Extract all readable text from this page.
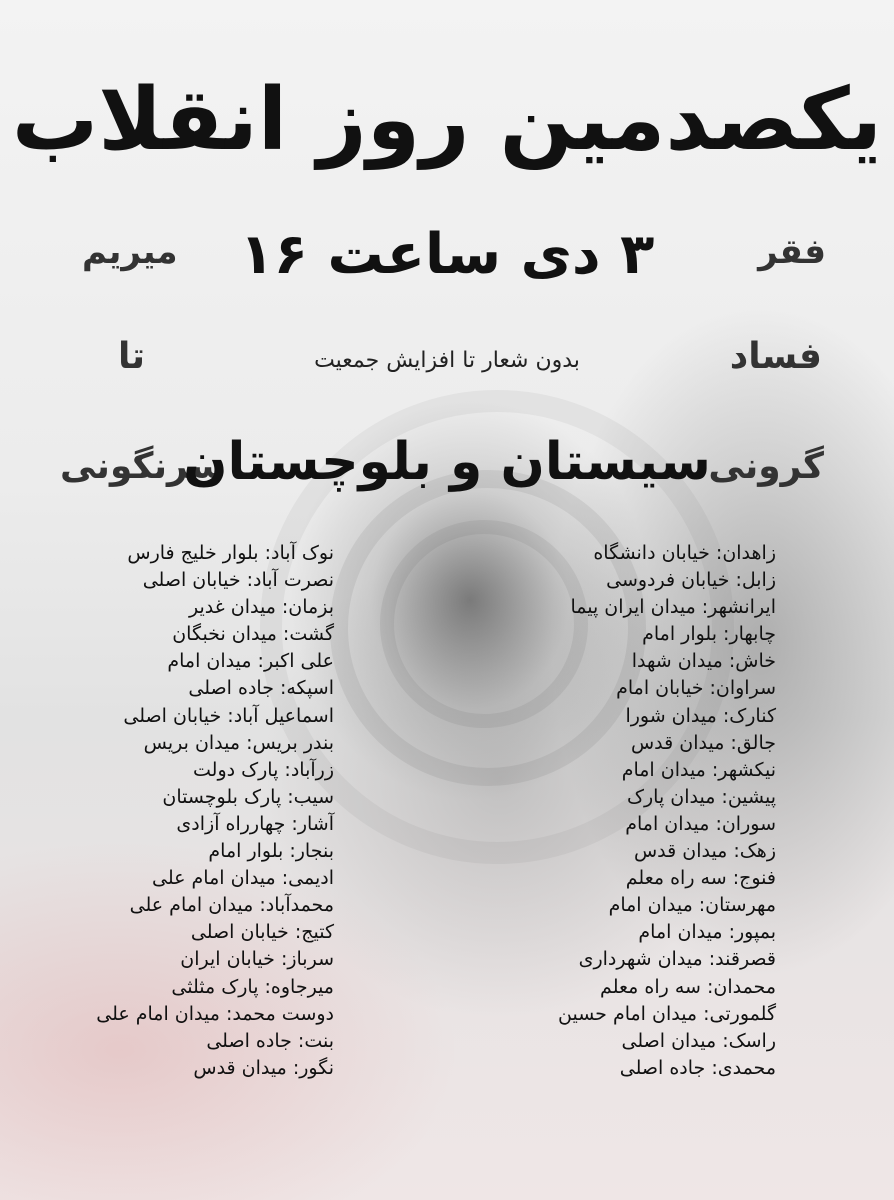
یکصدمین روز انقلاب
فقر
فساد
گرونی
میریم
تا
سرنگونی
۳ دی ساعت ۱۶
بدون شعار تا افزایش جمعیت
سیستان و بلوچستان
زاهدان: خیابان دانشگاه
زابل: خیابان فردوسی
ایرانشهر: میدان ایران پیما
چابهار: بلوار امام
خاش: میدان شهدا
سراوان: خیابان امام
کنارک: میدان شورا
جالق: میدان قدس
نیکشهر: میدان امام
پیشین: میدان پارک
سوران: میدان امام
زهک: میدان قدس
فنوج: سه راه معلم
مهرستان: میدان امام
بمپور: میدان امام
قصرقند: میدان شهرداری
محمدان: سه راه معلم
گلمورتی: میدان امام حسین
راسک: میدان اصلی
محمدی: جاده اصلی
نوک آباد: بلوار خلیج فارس
نصرت آباد: خیابان اصلی
بزمان: میدان غدیر
گشت: میدان نخبگان
علی اکبر: میدان امام
اسپکه: جاده اصلی
اسماعیل آباد: خیابان اصلی
بندر بریس: میدان بریس
زرآباد: پارک دولت
سیب: پارک بلوچستان
آشار: چهارراه آزادی
بنجار: بلوار امام
ادیمی: میدان امام علی
محمدآباد: میدان امام علی
کتیج: خیابان اصلی
سرباز: خیابان ایران
میرجاوه: پارک مثلثی
دوست محمد: میدان امام علی
بنت: جاده اصلی
نگور: میدان قدس
